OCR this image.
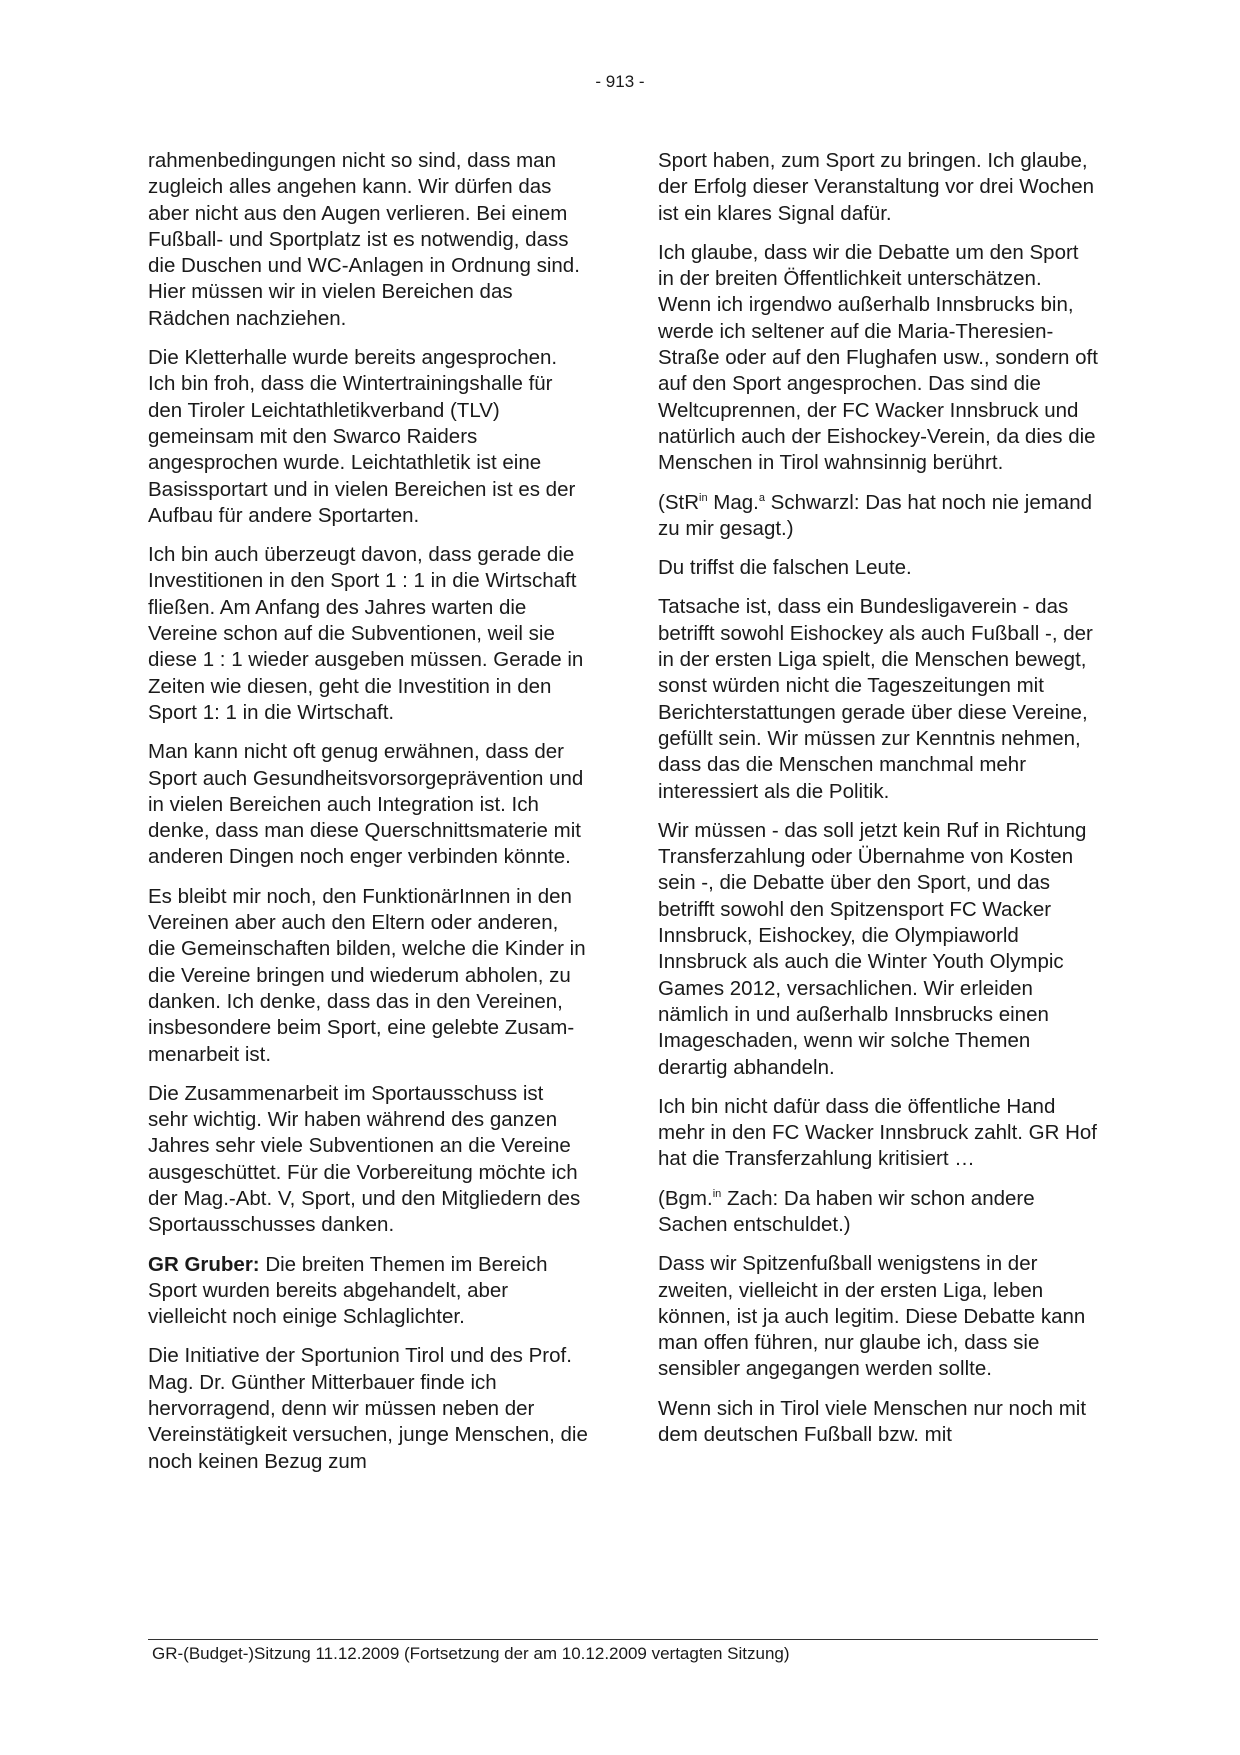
- 913 -

rahmenbedingungen nicht so sind, dass man zugleich alles angehen kann. Wir dürfen das aber nicht aus den Augen verlieren. Bei einem Fußball- und Sportplatz ist es notwendig, dass die Duschen und WC-Anlagen in Ordnung sind. Hier müssen wir in vielen Bereichen das Rädchen nachziehen.

Die Kletterhalle wurde bereits angesprochen. Ich bin froh, dass die Wintertrainingshalle für den Tiroler Leichtathletikverband (TLV) gemeinsam mit den Swarco Raiders angesprochen wurde. Leichtathletik ist eine Basissportart und in vielen Bereichen ist es der Aufbau für andere Sportarten.

Ich bin auch überzeugt davon, dass gerade die Investitionen in den Sport 1 : 1 in die Wirtschaft fließen. Am Anfang des Jahres warten die Vereine schon auf die Subventionen, weil sie diese 1 : 1 wieder ausgeben müssen. Gerade in Zeiten wie diesen, geht die Investition in den Sport 1: 1 in die Wirtschaft.

Man kann nicht oft genug erwähnen, dass der Sport auch Gesundheitsvorsorgeprävention und in vielen Bereichen auch Integration ist. Ich denke, dass man diese Querschnittsmaterie mit anderen Dingen noch enger verbinden könnte.

Es bleibt mir noch, den FunktionärInnen in den Vereinen aber auch den Eltern oder anderen, die Gemeinschaften bilden, welche die Kinder in die Vereine bringen und wiederum abholen, zu danken. Ich denke, dass das in den Vereinen, insbesondere beim Sport, eine gelebte Zusammenarbeit ist.

Die Zusammenarbeit im Sportausschuss ist sehr wichtig. Wir haben während des ganzen Jahres sehr viele Subventionen an die Vereine ausgeschüttet. Für die Vorbereitung möchte ich der Mag.-Abt. V, Sport, und den Mitgliedern des Sportausschusses danken.

GR Gruber: Die breiten Themen im Bereich Sport wurden bereits abgehandelt, aber vielleicht noch einige Schlaglichter.

Die Initiative der Sportunion Tirol und des Prof. Mag. Dr. Günther Mitterbauer finde ich hervorragend, denn wir müssen neben der Vereinstätigkeit versuchen, junge Menschen, die noch keinen Bezug zum

Sport haben, zum Sport zu bringen. Ich glaube, der Erfolg dieser Veranstaltung vor drei Wochen ist ein klares Signal dafür.

Ich glaube, dass wir die Debatte um den Sport in der breiten Öffentlichkeit unterschätzen. Wenn ich irgendwo außerhalb Innsbrucks bin, werde ich seltener auf die Maria-Theresien-Straße oder auf den Flughafen usw., sondern oft auf den Sport angesprochen. Das sind die Weltcuprennen, der FC Wacker Innsbruck und natürlich auch der Eishockey-Verein, da dies die Menschen in Tirol wahnsinnig berührt.

(StR$^{in}$ Mag.$^a$ Schwarzl: Das hat noch nie jemand zu mir gesagt.)

Du triffst die falschen Leute.

Tatsache ist, dass ein Bundesligaverein - das betrifft sowohl Eishockey als auch Fußball -, der in der ersten Liga spielt, die Menschen bewegt, sonst würden nicht die Tageszeitungen mit Berichterstattungen gerade über diese Vereine, gefüllt sein. Wir müssen zur Kenntnis nehmen, dass das die Menschen manchmal mehr interessiert als die Politik.

Wir müssen - das soll jetzt kein Ruf in Richtung Transferzahlung oder Übernahme von Kosten sein -, die Debatte über den Sport, und das betrifft sowohl den Spitzensport FC Wacker Innsbruck, Eishockey, die Olympiaworld Innsbruck als auch die Winter Youth Olympic Games 2012, versachlichen. Wir erleiden nämlich in und außerhalb Innsbrucks einen Imageschaden, wenn wir solche Themen derartig abhandeln.

Ich bin nicht dafür dass die öffentliche Hand mehr in den FC Wacker Innsbruck zahlt. GR Hof hat die Transferzahlung kritisiert …

(Bgm.$^{in}$ Zach: Da haben wir schon andere Sachen entschuldet.)

Dass wir Spitzenfußball wenigstens in der zweiten, vielleicht in der ersten Liga, leben können, ist ja auch legitim. Diese Debatte kann man offen führen, nur glaube ich, dass sie sensibler angegangen werden sollte.

Wenn sich in Tirol viele Menschen nur noch mit dem deutschen Fußball bzw. mit

GR-(Budget-)Sitzung 11.12.2009 (Fortsetzung der am 10.12.2009 vertagten Sitzung)
